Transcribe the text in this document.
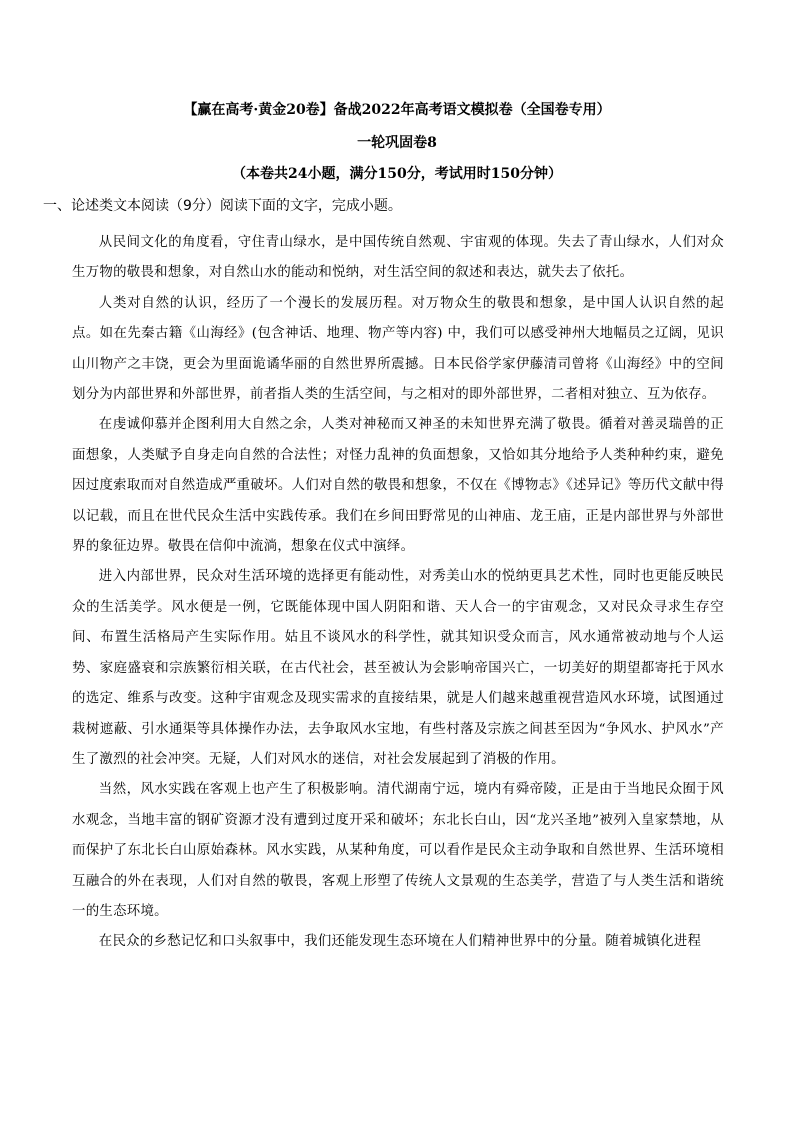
【赢在高考·黄金20卷】备战2022年高考语文模拟卷（全国卷专用）
一轮巩固卷8
（本卷共24小题，满分150分，考试用时150分钟）
一、论述类文本阅读（9分）阅读下面的文字，完成小题。

从民间文化的角度看，守住青山绿水，是中国传统自然观、宇宙观的体现。失去了青山绿水，人们对众生万物的敬畏和想象，对自然山水的能动和悦纳，对生活空间的叙述和表达，就失去了依托。

人类对自然的认识，经历了一个漫长的发展历程。对万物众生的敬畏和想象，是中国人认识自然的起点。如在先秦古籍《山海经》(包含神话、地理、物产等内容) 中，我们可以感受神州大地幅员之辽阔，见识山川物产之丰饶，更会为里面诡谲华丽的自然世界所震撼。日本民俗学家伊藤清司曾将《山海经》中的空间划分为内部世界和外部世界，前者指人类的生活空间，与之相对的即外部世界，二者相对独立、互为依存。

在虔诚仰慕并企图利用大自然之余，人类对神秘而又神圣的未知世界充满了敬畏。循着对善灵瑞兽的正面想象，人类赋予自身走向自然的合法性；对怪力乱神的负面想象，又恰如其分地给予人类种种约束，避免因过度索取而对自然造成严重破坏。人们对自然的敬畏和想象，不仅在《博物志》《述异记》等历代文献中得以记载，而且在世代民众生活中实践传承。我们在乡间田野常见的山神庙、龙王庙，正是内部世界与外部世界的象征边界。敬畏在信仰中流淌，想象在仪式中演绎。

进入内部世界，民众对生活环境的选择更有能动性，对秀美山水的悦纳更具艺术性，同时也更能反映民众的生活美学。风水便是一例，它既能体现中国人阴阳和谐、天人合一的宇宙观念，又对民众寻求生存空间、布置生活格局产生实际作用。姑且不谈风水的科学性，就其知识受众而言，风水通常被动地与个人运势、家庭盛衰和宗族繁衍相关联，在古代社会，甚至被认为会影响帝国兴亡，一切美好的期望都寄托于风水的选定、维系与改变。这种宇宙观念及现实需求的直接结果，就是人们越来越重视营造风水环境，试图通过栽树遮蔽、引水通渠等具体操作办法，去争取风水宝地，有些村落及宗族之间甚至因为“争风水、护风水”产生了激烈的社会冲突。无疑，人们对风水的迷信，对社会发展起到了消极的作用。

当然，风水实践在客观上也产生了积极影响。清代湖南宁远，境内有舜帝陵，正是由于当地民众囿于风水观念，当地丰富的钢矿资源才没有遭到过度开采和破坏；东北长白山，因“龙兴圣地”被列入皇家禁地，从而保护了东北长白山原始森林。风水实践，从某种角度，可以看作是民众主动争取和自然世界、生活环境相互融合的外在表现，人们对自然的敬畏，客观上形塑了传统人文景观的生态美学，营造了与人类生活和谐统一的生态环境。

在民众的乡愁记忆和口头叙事中，我们还能发现生态环境在人们精神世界中的分量。随着城镇化进程
